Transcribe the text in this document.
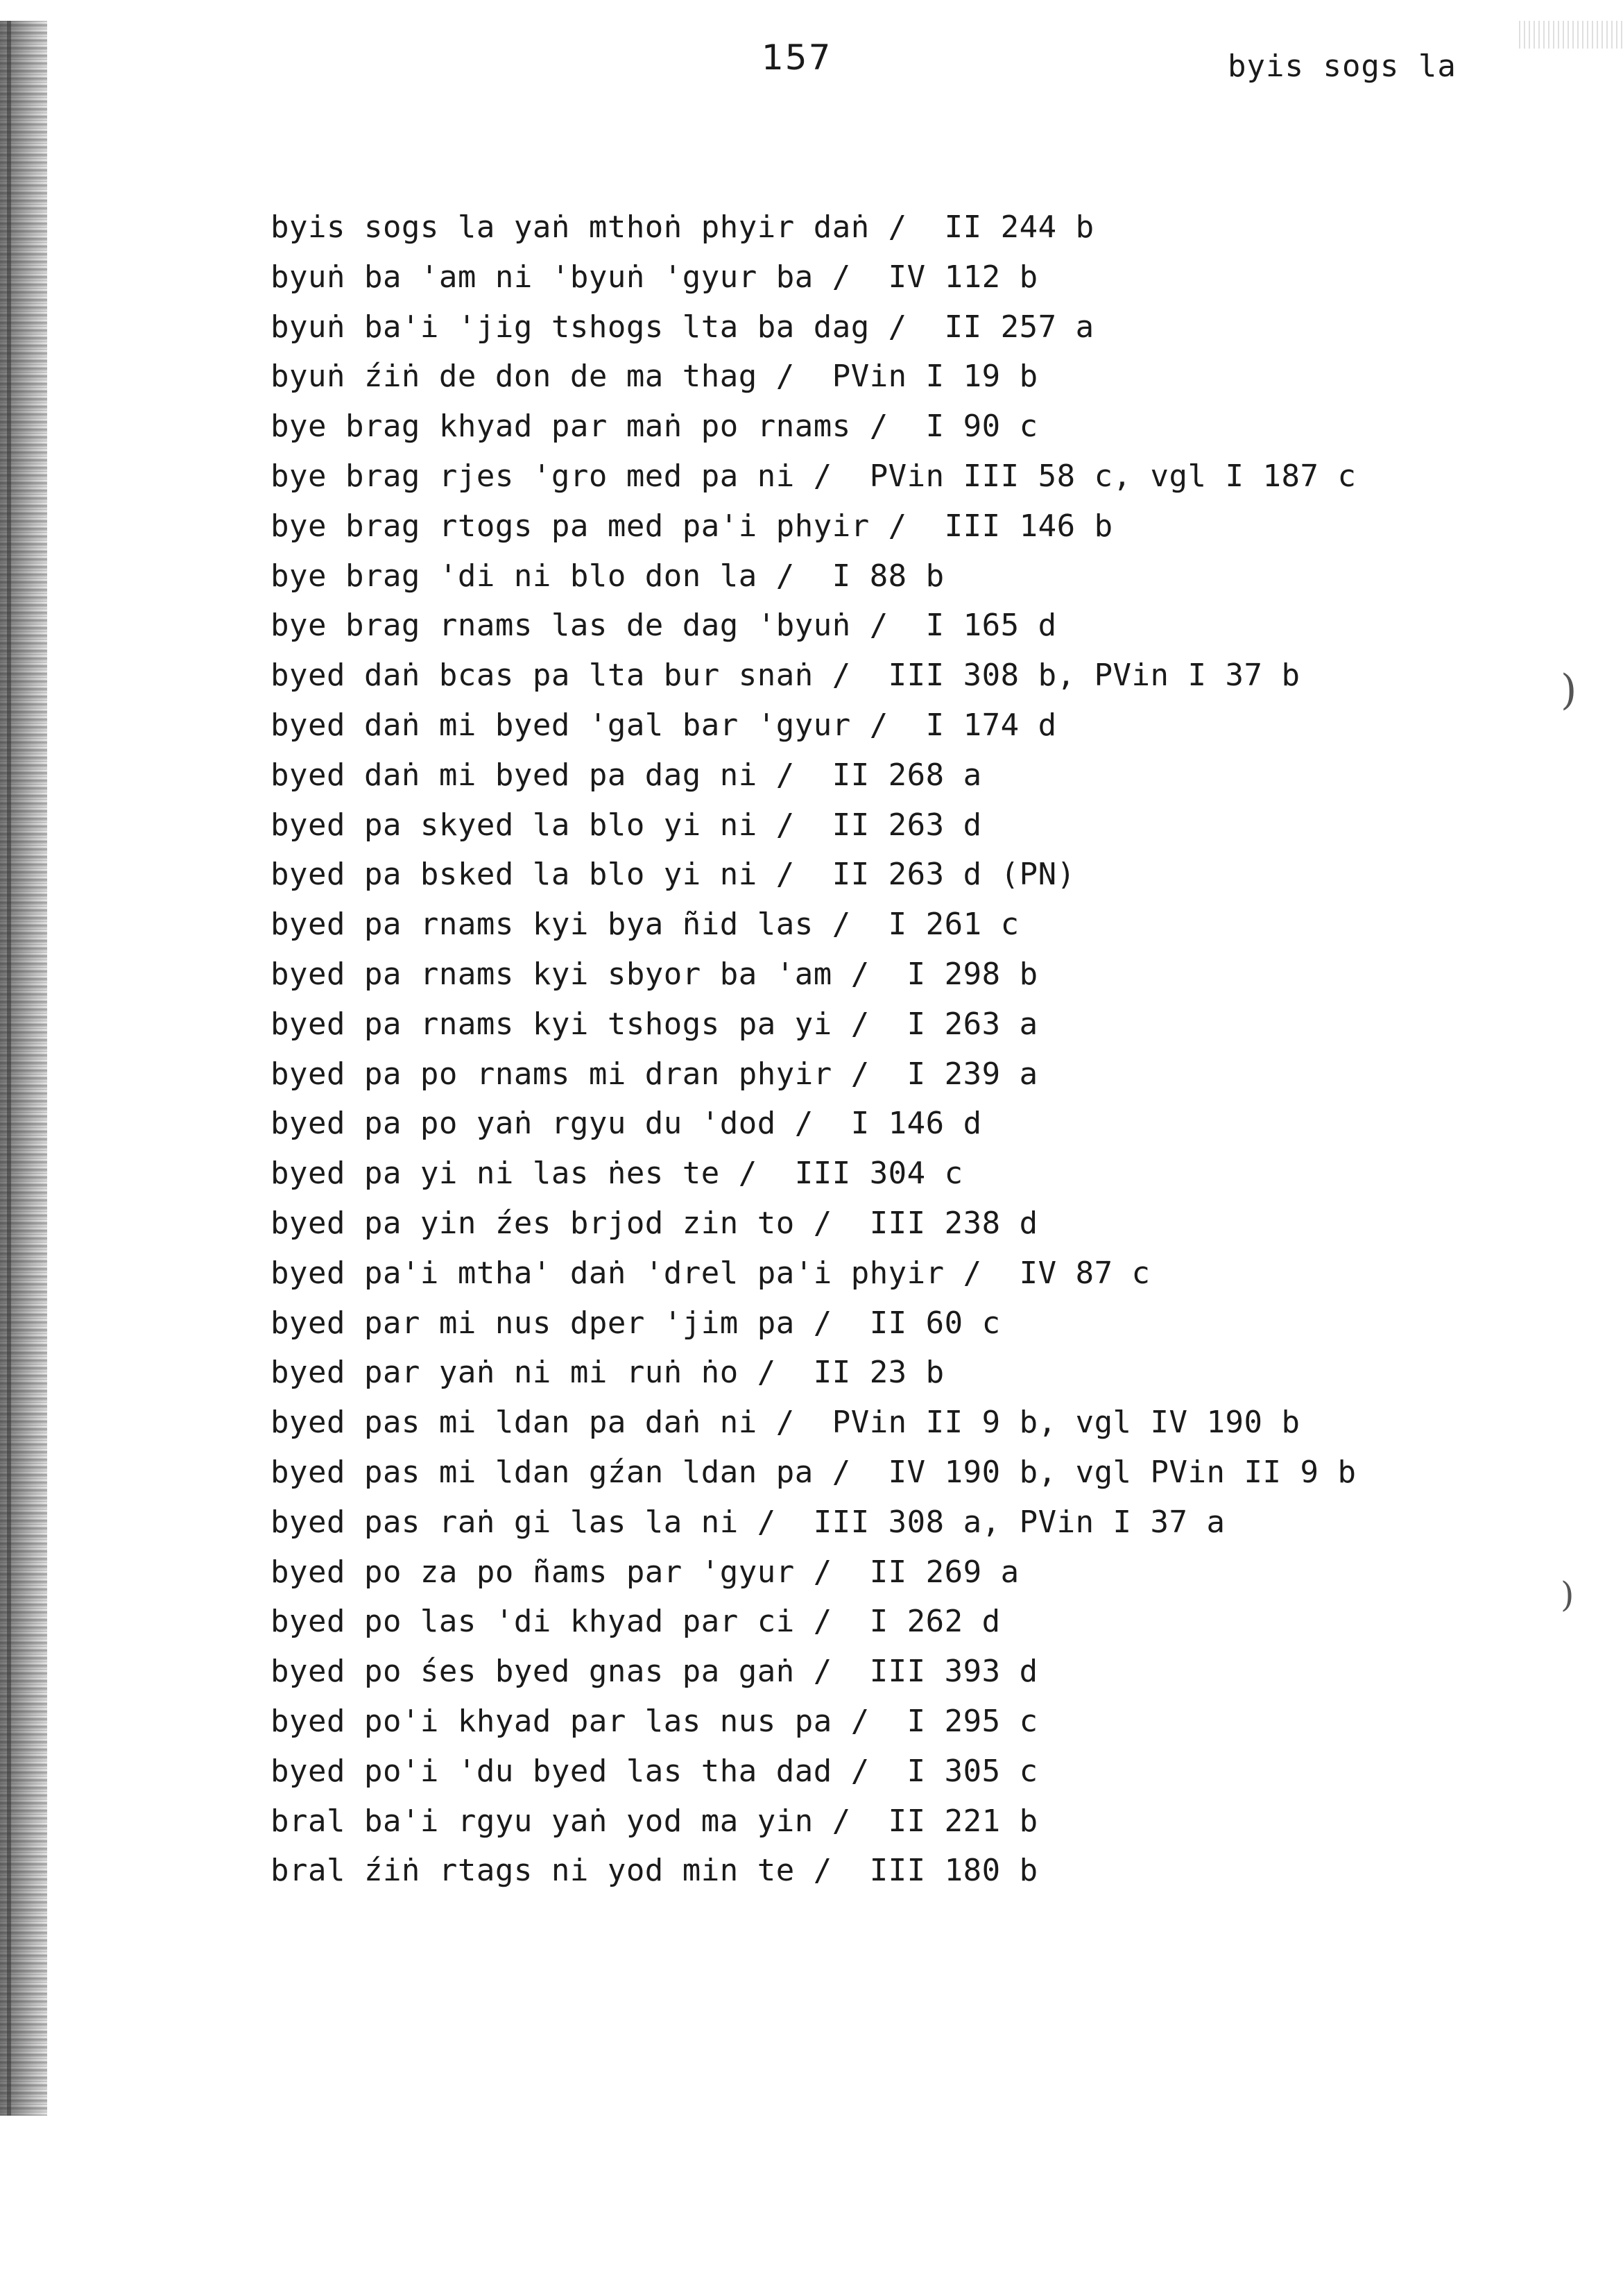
157	byis sogs la
byis sogs la yaṅ mthoṅ phyir daṅ /  II 244 b
byuṅ ba 'am ni 'byuṅ 'gyur ba /  IV 112 b
byuṅ ba'i 'jig tshogs lta ba dag /  II 257 a
byuṅ źiṅ de don de ma thag /  PVin I 19 b
bye brag khyad par maṅ po rnams /  I 90 c
bye brag rjes 'gro med pa ni /  PVin III 58 c, vgl I 187 c
bye brag rtogs pa med pa'i phyir /  III 146 b
bye brag 'di ni blo don la /  I 88 b
bye brag rnams las de dag 'byuṅ /  I 165 d
byed daṅ bcas pa lta bur snaṅ /  III 308 b, PVin I 37 b
byed daṅ mi byed 'gal bar 'gyur /  I 174 d
byed daṅ mi byed pa dag ni /  II 268 a
byed pa skyed la blo yi ni /  II 263 d
byed pa bsked la blo yi ni /  II 263 d (PN)
byed pa rnams kyi bya ñid las /  I 261 c
byed pa rnams kyi sbyor ba 'am /  I 298 b
byed pa rnams kyi tshogs pa yi /  I 263 a
byed pa po rnams mi dran phyir /  I 239 a
byed pa po yaṅ rgyu du 'dod /  I 146 d
byed pa yi ni las ṅes te /  III 304 c
byed pa yin źes brjod zin to /  III 238 d
byed pa'i mtha' daṅ 'drel pa'i phyir /  IV 87 c
byed par mi nus dper 'jim pa /  II 60 c
byed par yaṅ ni mi ruṅ ṅo /  II 23 b
byed pas mi ldan pa daṅ ni /  PVin II 9 b, vgl IV 190 b
byed pas mi ldan gźan ldan pa /  IV 190 b, vgl PVin II 9 b
byed pas raṅ gi las la ni /  III 308 a, PVin I 37 a
byed po za po ñams par 'gyur /  II 269 a
byed po las 'di khyad par ci /  I 262 d
byed po śes byed gnas pa gaṅ /  III 393 d
byed po'i khyad par las nus pa /  I 295 c
byed po'i 'du byed las tha dad /  I 305 c
bral ba'i rgyu yaṅ yod ma yin /  II 221 b
bral źiṅ rtags ni yod min te /  III 180 b
)
)
